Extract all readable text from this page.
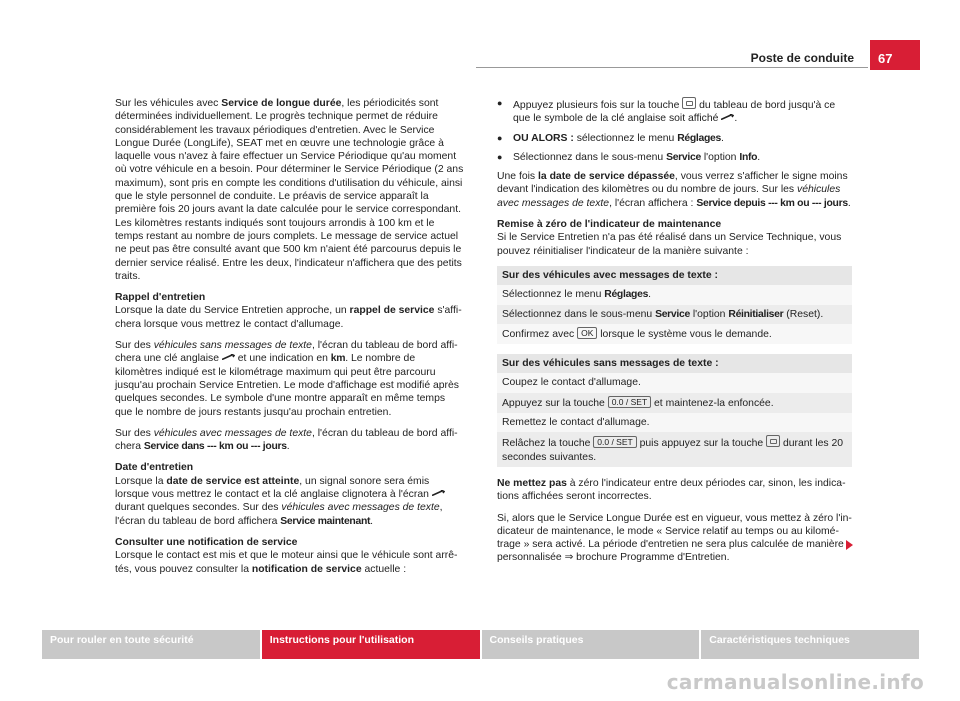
Poste de conduite 67

Sur les véhicules avec Service de longue durée, les périodicités sont déterminées individuellement. Le progrès technique permet de réduire considérablement les travaux périodiques d'entretien. Avec le Service Longue Durée (LongLife), SEAT met en œuvre une technologie grâce à laquelle vous n'avez à faire effectuer un Service Périodique qu'au moment où votre véhicule en a besoin. Pour déterminer le Service Périodique (2 ans maximum), sont pris en compte les conditions d'utilisation du véhicule, ainsi que le style personnel de conduite. Le préavis de service apparaît la première fois 20 jours avant la date calculée pour le service correspondant. Les kilomètres restants indiqués sont toujours arrondis à 100 km et le temps restant au nombre de jours complets. Le message de service actuel ne peut pas être consulté avant que 500 km n'aient été parcourus depuis le dernier service réalisé. Entre les deux, l'indicateur n'affichera que des petits traits.

Rappel d'entretien

Lorsque la date du Service Entretien approche, un rappel de service s'affichera lorsque vous mettrez le contact d'allumage.

Sur des véhicules sans messages de texte, l'écran du tableau de bord affichera une clé anglaise  et une indication en km. Le nombre de kilomètres indiqué est le kilométrage maximum qui peut être parcouru jusqu'au prochain Service Entretien. Le mode d'affichage est modifié après quelques secondes. Le symbole d'une montre apparaît en même temps que le nombre de jours restants jusqu'au prochain entretien.

Sur des véhicules avec messages de texte, l'écran du tableau de bord affichera Service dans --- km ou --- jours.

Date d'entretien

Lorsque la date de service est atteinte, un signal sonore sera émis lorsque vous mettrez le contact et la clé anglaise clignotera à l'écran  durant quelques secondes. Sur des véhicules avec messages de texte, l'écran du tableau de bord affichera Service maintenant.

Consulter une notification de service

Lorsque le contact est mis et que le moteur ainsi que le véhicule sont arrêtés, vous pouvez consulter la notification de service actuelle :

● Appuyez plusieurs fois sur la touche  du tableau de bord jusqu'à ce que le symbole de la clé anglaise soit affiché .

● OU ALORS : sélectionnez le menu Réglages.

● Sélectionnez dans le sous-menu Service l'option Info.

Une fois la date de service dépassée, vous verrez s'afficher le signe moins devant l'indication des kilomètres ou du nombre de jours. Sur les véhicules avec messages de texte, l'écran affichera : Service depuis --- km ou --- jours.

Remise à zéro de l'indicateur de maintenance

Si le Service Entretien n'a pas été réalisé dans un Service Technique, vous pouvez réinitialiser l'indicateur de la manière suivante :

Sur des véhicules avec messages de texte :
Sélectionnez le menu Réglages.
Sélectionnez dans le sous-menu Service l'option Réinitialiser (Reset).
Confirmez avec OK lorsque le système vous le demande.
Sur des véhicules sans messages de texte :
Coupez le contact d'allumage.
Appuyez sur la touche 0.0 / SET et maintenez-la enfoncée.
Remettez le contact d'allumage.
Relâchez la touche 0.0 / SET puis appuyez sur la touche  durant les 20 secondes suivantes.

Ne mettez pas à zéro l'indicateur entre deux périodes car, sinon, les indications affichées seront incorrectes.

Si, alors que le Service Longue Durée est en vigueur, vous mettez à zéro l'indicateur de maintenance, le mode « Service relatif au temps ou au kilométrage » sera activé. La période d'entretien ne sera plus calculée de manière personnalisée ⇒ brochure Programme d'Entretien.

Pour rouler en toute sécurité	Instructions pour l'utilisation	Conseils pratiques	Caractéristiques techniques
carmanualsonline.info
